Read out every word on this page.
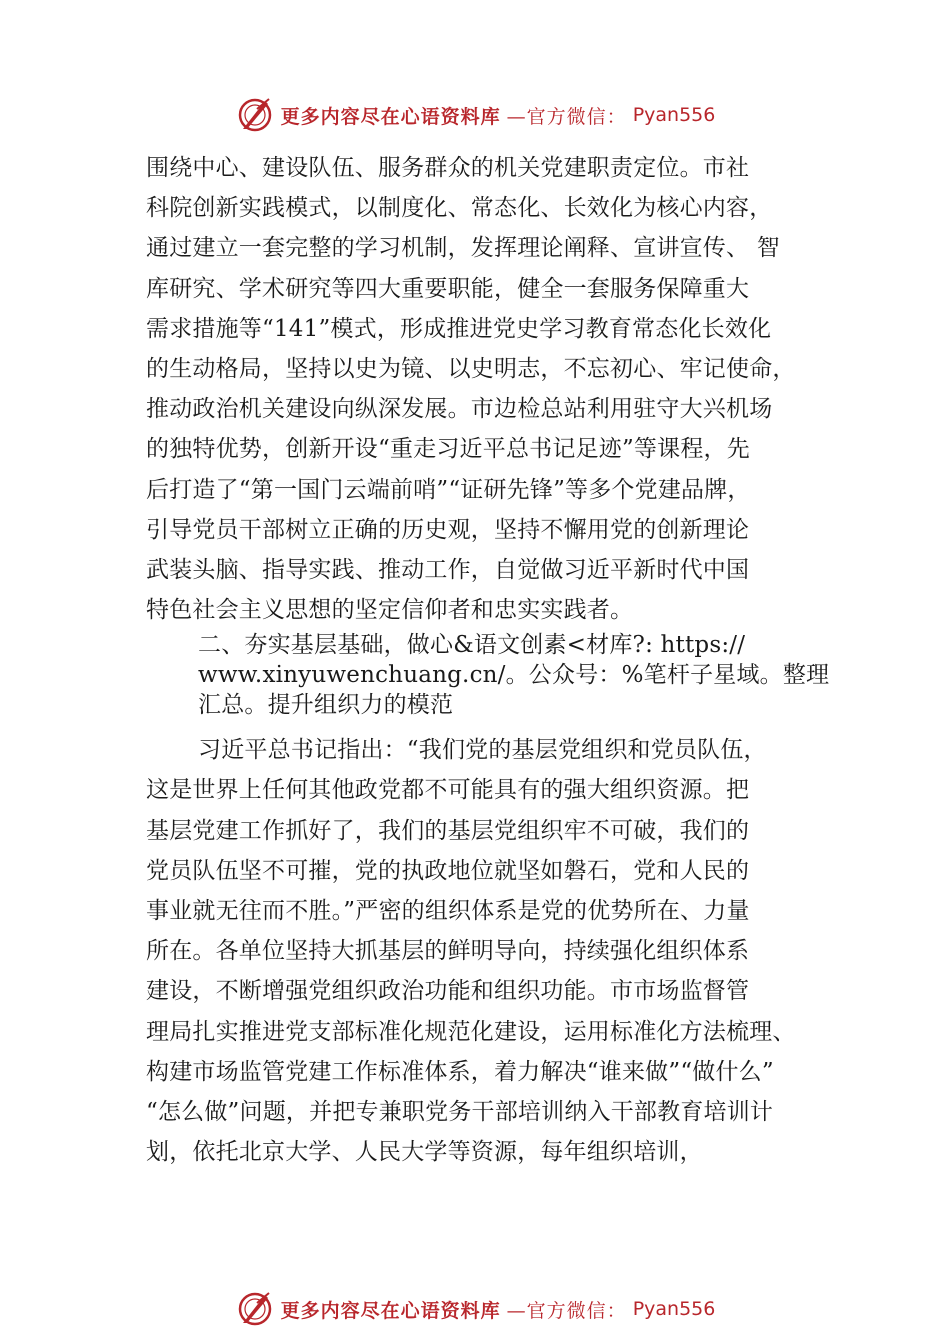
更多内容尽在心语资料库 —官方微信： Pyan556
围绕中心、建设队伍、服务群众的机关党建职责定位。市社
科院创新实践模式，以制度化、常态化、长效化为核心内容，
通过建立一套完整的学习机制，发挥理论阐释、宣讲宣传、 智
库研究、学术研究等四大重要职能，健全一套服务保障重大
需求措施等“141”模式，形成推进党史学习教育常态化长效化
的生动格局，坚持以史为镜、以史明志，不忘初心、牢记使命，
推动政治机关建设向纵深发展。市边检总站利用驻守大兴机场
的独特优势，创新开设“重走习近平总书记足迹”等课程，先
后打造了“第一国门云端前哨”“证研先锋”等多个党建品牌，
引导党员干部树立正确的历史观，坚持不懈用党的创新理论
武装头脑、指导实践、推动工作，自觉做习近平新时代中国
特色社会主义思想的坚定信仰者和忠实实践者。
二、夯实基层基础，做心&语文创素<材库?: https://
www.xinyuwenchuang.cn/。公众号：%笔杆子星域。整理
汇总。提升组织力的模范
习近平总书记指出：“我们党的基层党组织和党员队伍，
这是世界上任何其他政党都不可能具有的强大组织资源。把
基层党建工作抓好了，我们的基层党组织牢不可破，我们的
党员队伍坚不可摧，党的执政地位就坚如磐石，党和人民的
事业就无往而不胜。”严密的组织体系是党的优势所在、力量
所在。各单位坚持大抓基层的鲜明导向，持续强化组织体系
建设，不断增强党组织政治功能和组织功能。市市场监督管
理局扎实推进党支部标准化规范化建设，运用标准化方法梳理、
构建市场监管党建工作标准体系，着力解决“谁来做”“做什么”
“怎么做”问题，并把专兼职党务干部培训纳入干部教育培训计
划，依托北京大学、人民大学等资源，每年组织培训，
更多内容尽在心语资料库 —官方微信： Pyan556
